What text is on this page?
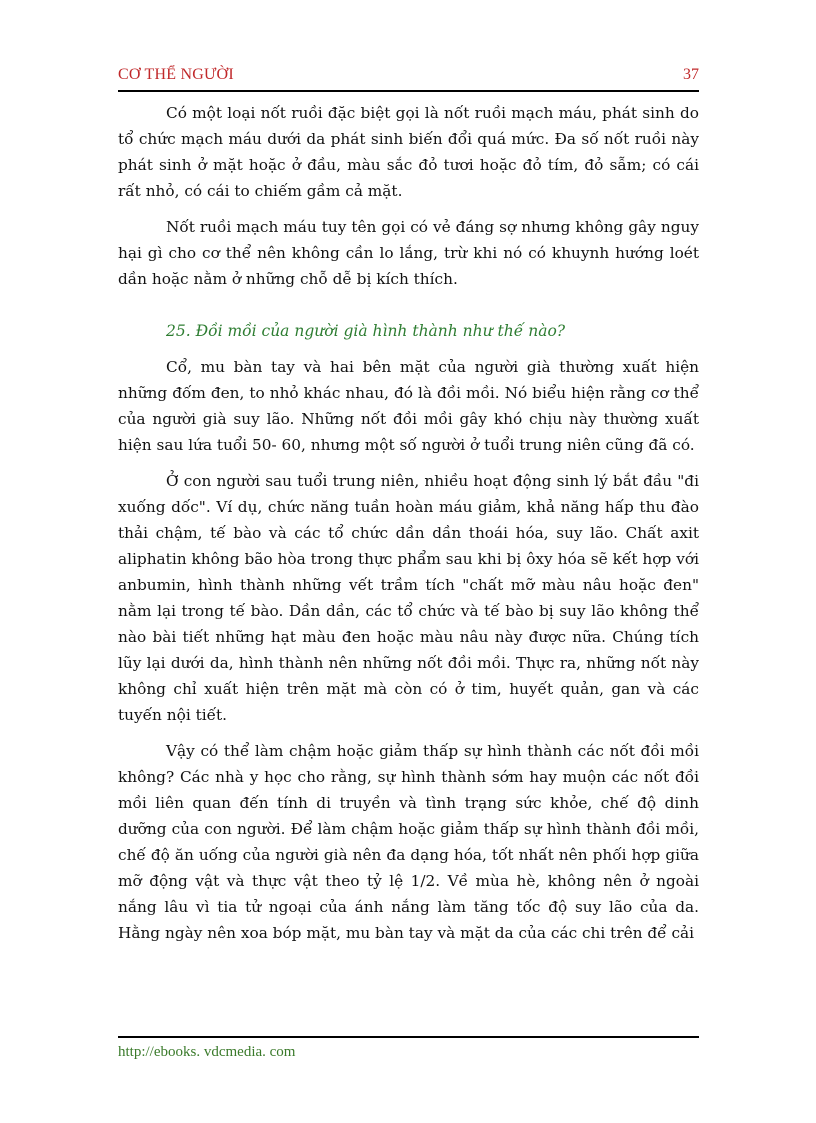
CƠ THỂ NGƯỜI	37

Có một loại nốt ruồi đặc biệt gọi là nốt ruồi mạch máu, phát sinh do tổ chức mạch máu dưới da phát sinh biến đổi quá mức. Đa số nốt ruồi này phát sinh ở mặt hoặc ở đầu, màu sắc đỏ tươi hoặc đỏ tím, đỏ sẫm; có cái rất nhỏ, có cái to chiếm gầm cả mặt.

Nốt ruồi mạch máu tuy tên gọi có vẻ đáng sợ nhưng không gây nguy hại gì cho cơ thể nên không cần lo lắng, trừ khi nó có khuynh hướng loét dần hoặc nằm ở những chỗ dễ bị kích thích.

25. Đồi mồi của người già hình thành như thế nào?

Cổ, mu bàn tay và hai bên mặt của người già thường xuất hiện những đốm đen, to nhỏ khác nhau, đó là đồi mồi. Nó biểu hiện rằng cơ thể của người già suy lão. Những nốt đồi mồi gây khó chịu này thường xuất hiện sau lứa tuổi 50- 60, nhưng một số người ở tuổi trung niên cũng đã có.

Ở con người sau tuổi trung niên, nhiều hoạt động sinh lý bắt đầu "đi xuống dốc". Ví dụ, chức năng tuần hoàn máu giảm, khả năng hấp thu đào thải chậm, tế bào và các tổ chức dần dần thoái hóa, suy lão. Chất axit aliphatin không bão hòa trong thực phẩm sau khi bị ôxy hóa sẽ kết hợp với anbumin, hình thành những vết trầm tích "chất mỡ màu nâu hoặc đen" nằm lại trong tế bào. Dần dần, các tổ chức và tế bào bị suy lão không thể nào bài tiết những hạt màu đen hoặc màu nâu này được nữa. Chúng tích lũy lại dưới da, hình thành nên những nốt đồi mồi. Thực ra, những nốt này không chỉ xuất hiện trên mặt mà còn có ở tim, huyết quản, gan và các tuyến nội tiết.

Vậy có thể làm chậm hoặc giảm thấp sự hình thành các nốt đồi mồi không? Các nhà y học cho rằng, sự hình thành sớm hay muộn các nốt đồi mồi liên quan đến tính di truyền và tình trạng sức khỏe, chế độ dinh dưỡng của con người. Để làm chậm hoặc giảm thấp sự hình thành đồi mồi, chế độ ăn uống của người già nên đa dạng hóa, tốt nhất nên phối hợp giữa mỡ động vật và thực vật theo tỷ lệ 1/2. Về mùa hè, không nên ở ngoài nắng lâu vì tia tử ngoại của ánh nắng làm tăng tốc độ suy lão của da. Hằng ngày nên xoa bóp mặt, mu bàn tay và mặt da của các chi trên để cải

http://ebooks. vdcmedia. com
